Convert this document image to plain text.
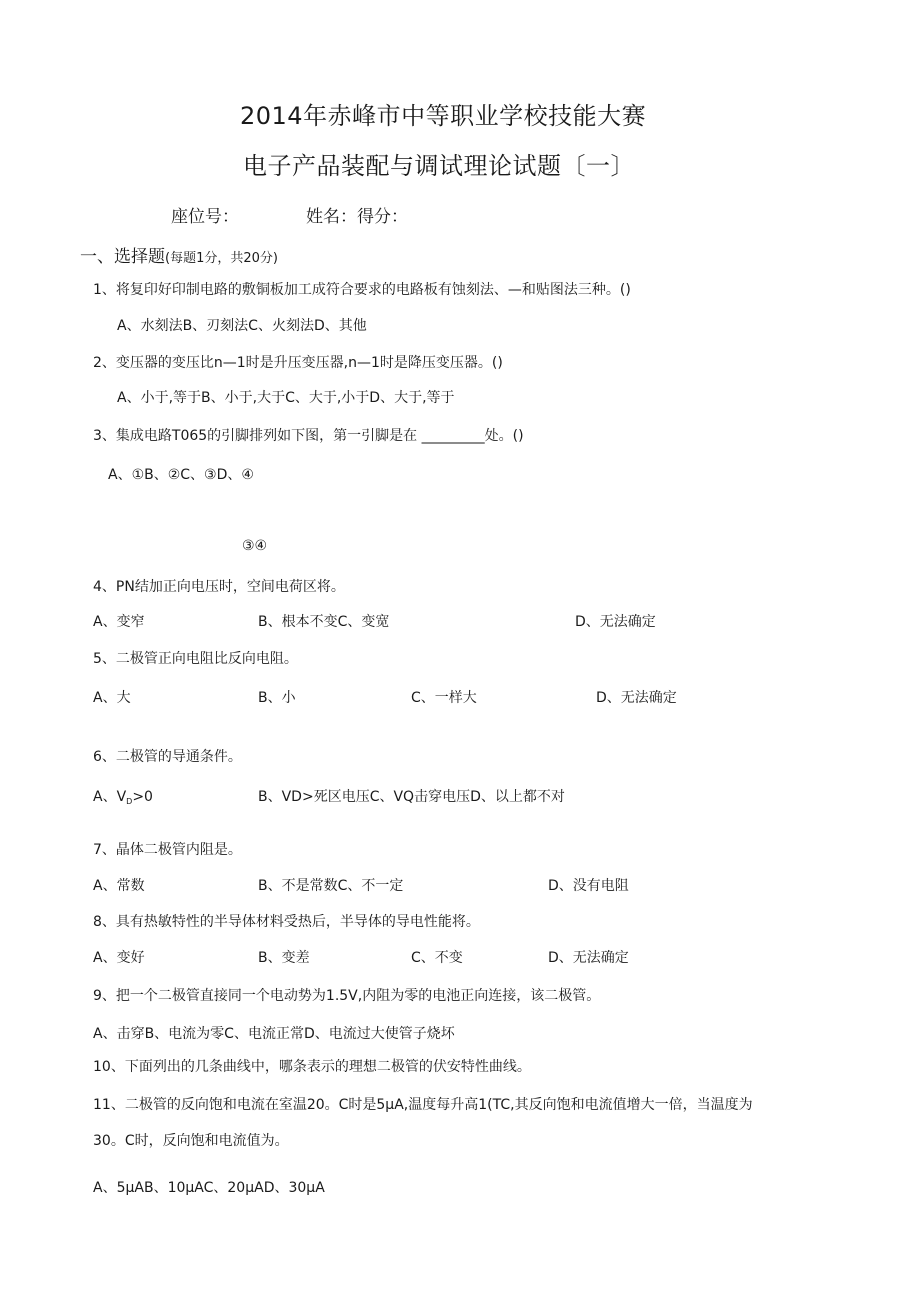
2014年赤峰市中等职业学校技能大赛
电子产品装配与调试理论试题〔一〕
座位号：	姓名：得分：
一、选择题(每题1分，共20分)
1、将复印好印制电路的敷铜板加工成符合要求的电路板有蚀刻法、—和贴图法三种。()
A、水刻法B、刃刻法C、火刻法D、其他
2、变压器的变压比n—1时是升压变压器,n—1时是降压变压器。()
A、小于,等于B、小于,大于C、大于,小于D、大于,等于
3、集成电路T065的引脚排列如下图，第一引脚是在 _________处。()
A、①B、②C、③D、④
③④
4、PN结加正向电压时，空间电荷区将。
A、变窄	B、根本不变C、变宽	D、无法确定
5、二极管正向电阻比反向电阻。
A、大	B、小	C、一样大	D、无法确定
6、二极管的导通条件。
A、$V_D>0$	B、VD>死区电压C、VQ击穿电压D、以上都不对
7、晶体二极管内阻是。
A、常数	B、不是常数C、不一定	D、没有电阻
8、具有热敏特性的半导体材料受热后，半导体的导电性能将。
A、变好	B、变差	C、不变	D、无法确定
9、把一个二极管直接同一个电动势为1.5V,内阻为零的电池正向连接，该二极管。
A、击穿B、电流为零C、电流正常D、电流过大使管子烧坏
10、下面列出的几条曲线中，哪条表示的理想二极管的伏安特性曲线。
11、二极管的反向饱和电流在室温20。C时是5μA,温度每升高1(TC,其反向饱和电流值增大一倍，当温度为
30。C时，反向饱和电流值为。
A、5μAB、10μAC、20μAD、30μA
